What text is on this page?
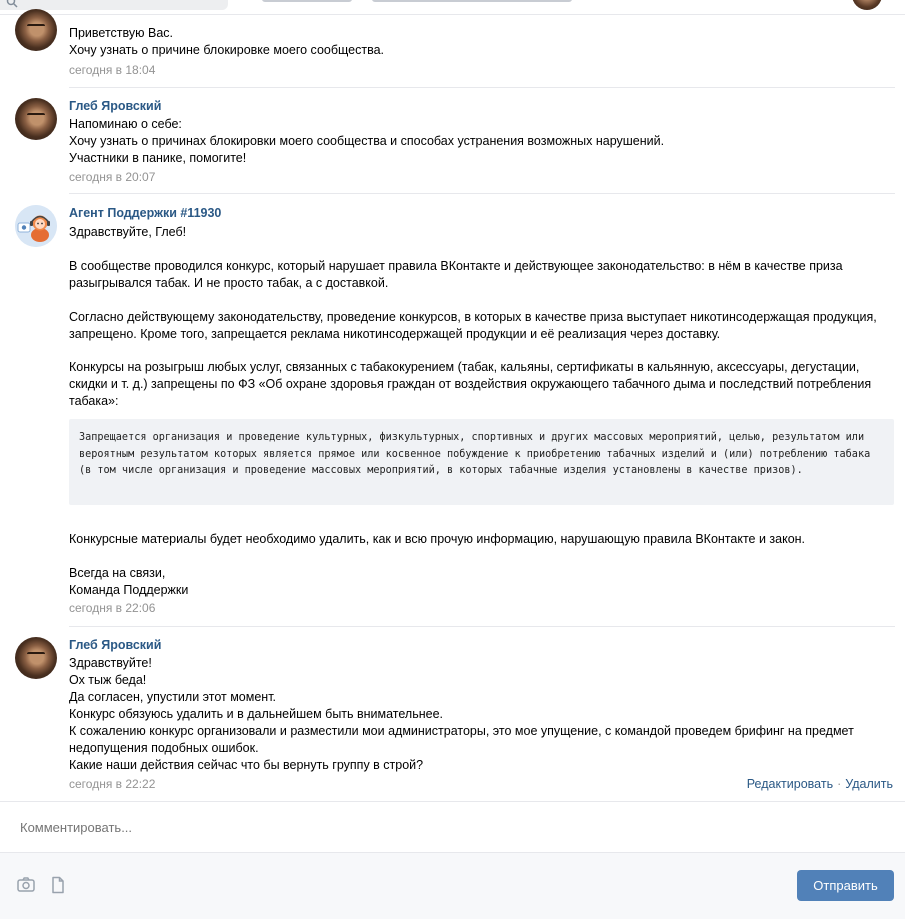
Приветствую Вас.

Хочу узнать о причине блокировке моего сообщества.

сегодня в 18:04
Глеб Яровский

Напоминаю о себе:

Хочу узнать о причинах блокировки моего сообщества и способах устранения возможных нарушений.

Участники в панике, помогите!

сегодня в 20:07
Агент Поддержки #11930

Здравствуйте, Глеб!

В сообществе проводился конкурс, который нарушает правила ВКонтакте и действующее законодательство: в нём в качестве приза разыгрывался табак. И не просто табак, а с доставкой.

Согласно действующему законодательству, проведение конкурсов, в которых в качестве приза выступает никотинсодержащая продукция, запрещено. Кроме того, запрещается реклама никотинсодержащей продукции и её реализация через доставку.

Конкурсы на розыгрыш любых услуг, связанных с табакокурением (табак, кальяны, сертификаты в кальянную, аксессуары, дегустации, скидки и т. д.) запрещены по ФЗ «Об охране здоровья граждан от воздействия окружающего табачного дыма и последствий потребления табака»:

Запрещается организация и проведение культурных, физкультурных, спортивных и других массовых мероприятий, целью, результатом или вероятным результатом которых является прямое или косвенное побуждение к приобретению табачных изделий и (или) потреблению табака (в том числе организация и проведение массовых мероприятий, в которых табачные изделия установлены в качестве призов).

Конкурсные материалы будет необходимо удалить, как и всю прочую информацию, нарушающую правила ВКонтакте и закон.

Всегда на связи,

Команда Поддержки

сегодня в 22:06
Глеб Яровский

Здравствуйте!

Ох тыж беда!

Да согласен, упустили этот момент.

Конкурс обязуюсь удалить и в дальнейшем быть внимательнее.

К сожалению конкурс организовали и разместили мои администраторы, это мое упущение, с командой проведем брифинг на предмет недопущения подобных ошибок.

Какие наши действия сейчас что бы вернуть группу в строй?

сегодня в 22:22	Редактировать · Удалить
Комментировать...
Отправить
